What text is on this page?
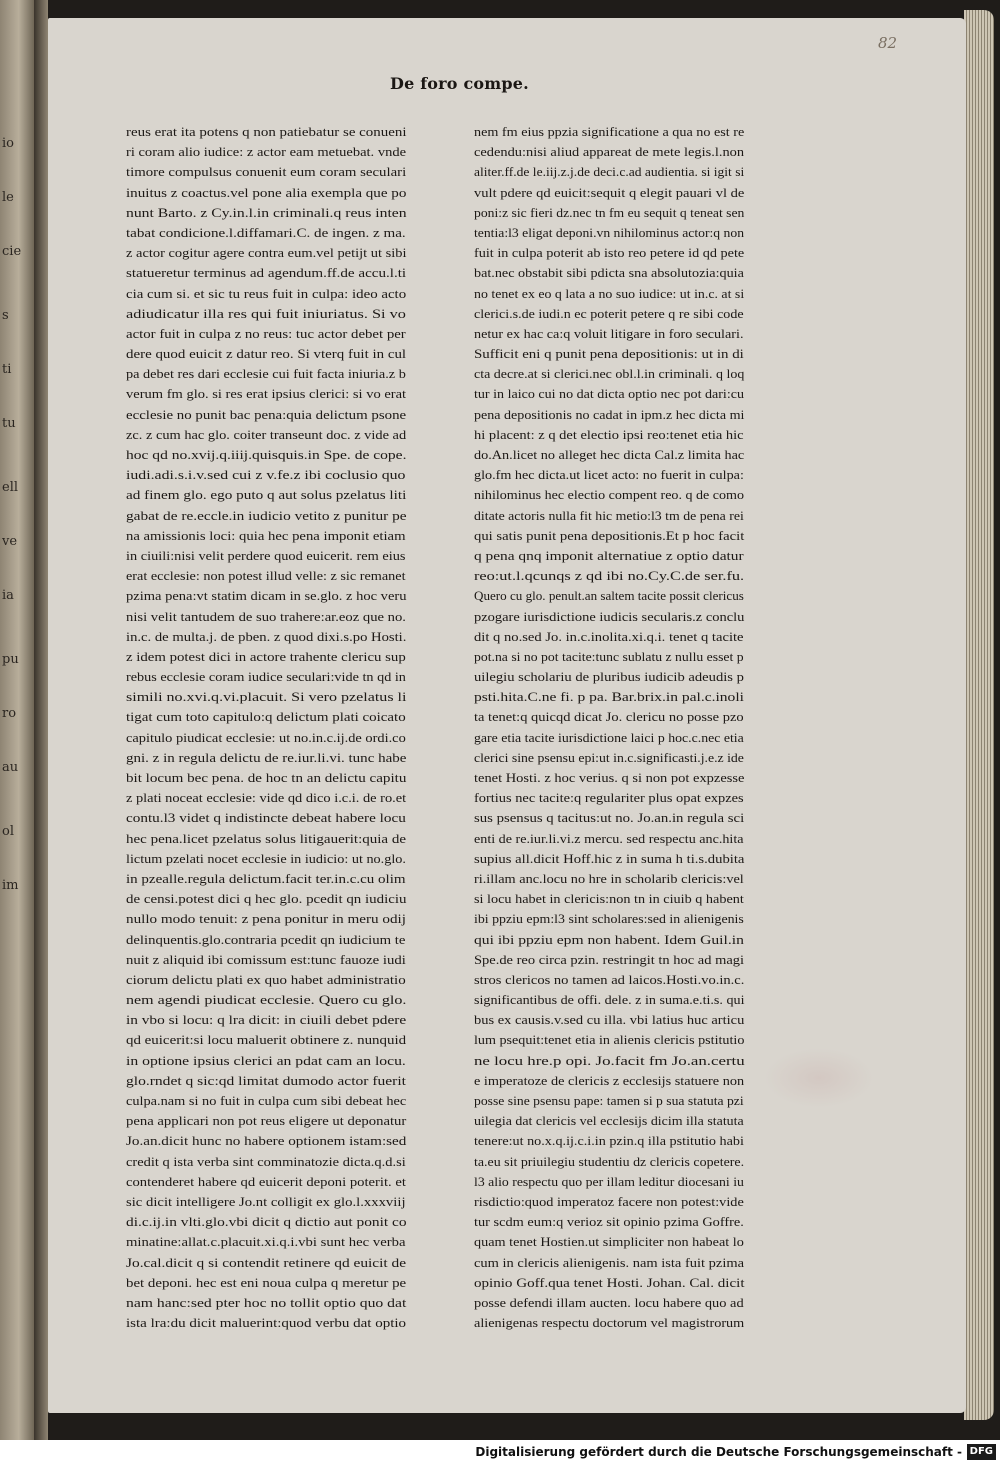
io
le
cie
s
ti
tu
ell
ve
ia
pu
ro
au
ol
im
82
De foro compe.
reus erat ita potens q non patiebatur se conueni
ri coram alio iudice: z actor eam metuebat. vnde
timore compulsus conuenit eum coram seculari
inuitus z coactus.vel pone alia exempla que po
nunt Barto. z Cy.in.l.in criminali.q reus inten
tabat condicione.l.diffamari.C. de ingen. z ma.
z actor cogitur agere contra eum.vel petijt ut sibi
statueretur terminus ad agendum.ff.de accu.l.ti
cia cum si. et sic tu reus fuit in culpa: ideo acto
adiudicatur illa res qui fuit iniuriatus. Si vo
actor fuit in culpa z no reus: tuc actor debet per
dere quod euicit z datur reo. Si vterq fuit in cul
pa debet res dari ecclesie cui fuit facta iniuria.z b
verum fm glo. si res erat ipsius clerici: si vo erat
ecclesie no punit bac pena:quia delictum psone
zc. z cum hac glo. coiter transeunt doc. z vide ad
hoc qd no.xvij.q.iiij.quisquis.in Spe. de cope.
iudi.adi.s.i.v.sed cui z v.fe.z ibi coclusio quo
ad finem glo. ego puto q aut solus pzelatus liti
gabat de re.eccle.in iudicio vetito z punitur pe
na amissionis loci: quia hec pena imponit etiam
in ciuili:nisi velit perdere quod euicerit. rem eius
erat ecclesie: non potest illud velle: z sic remanet
pzima pena:vt statim dicam in se.glo. z hoc veru
nisi velit tantudem de suo trahere:ar.eoz que no.
in.c. de multa.j. de pben. z quod dixi.s.po Hosti.
z idem potest dici in actore trahente clericu sup
rebus ecclesie coram iudice seculari:vide tn qd in
simili no.xvi.q.vi.placuit. Si vero pzelatus li
tigat cum toto capitulo:q delictum plati coicato
capitulo piudicat ecclesie: ut no.in.c.ij.de ordi.co
gni. z in regula delictu de re.iur.li.vi. tunc habe
bit locum bec pena. de hoc tn an delictu capitu
z plati noceat ecclesie: vide qd dico i.c.i. de ro.et
contu.l3 videt q indistincte debeat habere locu
hec pena.licet pzelatus solus litigauerit:quia de
lictum pzelati nocet ecclesie in iudicio: ut no.glo.
in pzealle.regula delictum.facit ter.in.c.cu olim
de censi.potest dici q hec glo. pcedit qn iudiciu
nullo modo tenuit: z pena ponitur in meru odij
delinquentis.glo.contraria pcedit qn iudicium te
nuit z aliquid ibi comissum est:tunc fauoze iudi
ciorum delictu plati ex quo habet administratio
nem agendi piudicat ecclesie. Quero cu glo.
in vbo si locu: q lra dicit: in ciuili debet pdere
qd euicerit:si locu maluerit obtinere z. nunquid
in optione ipsius clerici an pdat cam an locu.
glo.rndet q sic:qd limitat dumodo actor fuerit
culpa.nam si no fuit in culpa cum sibi debeat hec
pena applicari non pot reus eligere ut deponatur
Jo.an.dicit hunc no habere optionem istam:sed
credit q ista verba sint comminatozie dicta.q.d.si
contenderet habere qd euicerit deponi poterit. et
sic dicit intelligere Jo.nt colligit ex glo.l.xxxviij
di.c.ij.in vlti.glo.vbi dicit q dictio aut ponit co
minatine:allat.c.placuit.xi.q.i.vbi sunt hec verba
Jo.cal.dicit q si contendit retinere qd euicit de
bet deponi. hec est eni noua culpa q meretur pe
nam hanc:sed pter hoc no tollit optio quo dat
ista lra:du dicit maluerint:quod verbu dat optio
nem fm eius ppzia significatione a qua no est re
cedendu:nisi aliud appareat de mete legis.l.non
aliter.ff.de le.iij.z.j.de deci.c.ad audientia. si igit si
vult pdere qd euicit:sequit q elegit pauari vl de
poni:z sic fieri dz.nec tn fm eu sequit q teneat sen
tentia:l3 eligat deponi.vn nihilominus actor:q non
fuit in culpa poterit ab isto reo petere id qd pete
bat.nec obstabit sibi pdicta sna absolutozia:quia
no tenet ex eo q lata a no suo iudice: ut in.c. at si
clerici.s.de iudi.n ec poterit petere q re sibi code
netur ex hac ca:q voluit litigare in foro seculari.
Sufficit eni q punit pena depositionis: ut in di
cta decre.at si clerici.nec obl.l.in criminali. q loq
tur in laico cui no dat dicta optio nec pot dari:cu
pena depositionis no cadat in ipm.z hec dicta mi
hi placent: z q det electio ipsi reo:tenet etia hic
do.An.licet no alleget hec dicta Cal.z limita hac
glo.fm hec dicta.ut licet acto: no fuerit in culpa:
nihilominus hec electio compent reo. q de como
ditate actoris nulla fit hic metio:l3 tm de pena rei
qui satis punit pena depositionis.Et p hoc facit
q pena qnq imponit alternatiue z optio datur
reo:ut.l.qcunqs z qd ibi no.Cy.C.de ser.fu.
Quero cu glo. penult.an saltem tacite possit clericus
pzogare iurisdictione iudicis secularis.z conclu
dit q no.sed Jo. in.c.inolita.xi.q.i. tenet q tacite
pot.na si no pot tacite:tunc sublatu z nullu esset p
uilegiu scholariu de pluribus iudicib adeudis p
psti.hita.C.ne fi. p pa. Bar.brix.in pal.c.inoli
ta tenet:q quicqd dicat Jo. clericu no posse pzo
gare etia tacite iurisdictione laici p hoc.c.nec etia
clerici sine psensu epi:ut in.c.significasti.j.e.z ide
tenet Hosti. z hoc verius. q si non pot expzesse
fortius nec tacite:q regulariter plus opat expzes
sus psensus q tacitus:ut no. Jo.an.in regula sci
enti de re.iur.li.vi.z mercu. sed respectu anc.hita
supius all.dicit Hoff.hic z in suma h ti.s.dubita
ri.illam anc.locu no hre in scholarib clericis:vel
si locu habet in clericis:non tn in ciuib q habent
ibi ppziu epm:l3 sint scholares:sed in alienigenis
qui ibi ppziu epm non habent. Idem Guil.in
Spe.de reo circa pzin. restringit tn hoc ad magi
stros clericos no tamen ad laicos.Hosti.vo.in.c.
significantibus de offi. dele. z in suma.e.ti.s. qui
bus ex causis.v.sed cu illa. vbi latius huc articu
lum psequit:tenet etia in alienis clericis pstitutio
ne locu hre.p opi. Jo.facit fm Jo.an.certu
e imperatoze de clericis z ecclesijs statuere non
posse sine psensu pape: tamen si p sua statuta pzi
uilegia dat clericis vel ecclesijs dicim illa statuta
tenere:ut no.x.q.ij.c.i.in pzin.q illa pstitutio habi
ta.eu sit priuilegiu studentiu dz clericis copetere.
l3 alio respectu quo per illam leditur diocesani iu
risdictio:quod imperatoz facere non potest:vide
tur scdm eum:q verioz sit opinio pzima Goffre.
quam tenet Hostien.ut simpliciter non habeat lo
cum in clericis alienigenis. nam ista fuit pzima
opinio Goff.qua tenet Hosti. Johan. Cal. dicit
posse defendi illam aucten. locu habere quo ad
alienigenas respectu doctorum vel magistrorum
Digitalisierung gefördert durch die Deutsche Forschungsgemeinschaft - DFG
